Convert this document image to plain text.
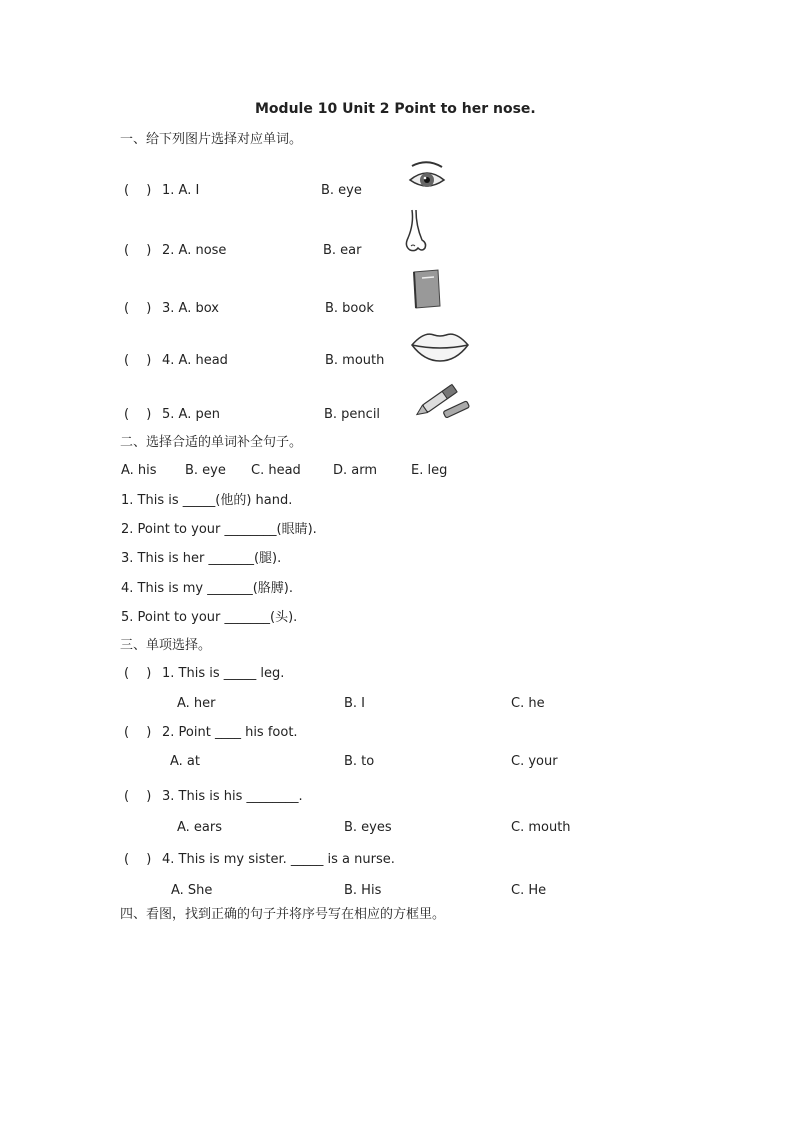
Module 10 Unit 2 Point to her nose.
一、给下列图片选择对应单词。
(　 ) 1. A. I	B. eye
(　 ) 2. A. nose	B. ear
(　 ) 3. A. box	B. book
(　 ) 4. A. head	B. mouth
(　 ) 5. A. pen	B. pencil
二、选择合适的单词补全句子。
A. his B. eye C. head D. arm	E. leg
1. This is _____(他的) hand.
2. Point to your ________(眼睛).
3. This is her _______(腿).
4. This is my _______(胳膊).
5. Point to your _______(头).
三、单项选择。
(　 ) 1. This is _____ leg.
A. her	B. I	C. he
(　 ) 2. Point ____ his foot.
A. at	B. to	C. your
(　 ) 3. This is his ________.
A. ears	B. eyes	C. mouth
(　 ) 4. This is my sister. _____ is a nurse.
A. She	B. His	C. He
四、看图，找到正确的句子并将序号写在相应的方框里。
